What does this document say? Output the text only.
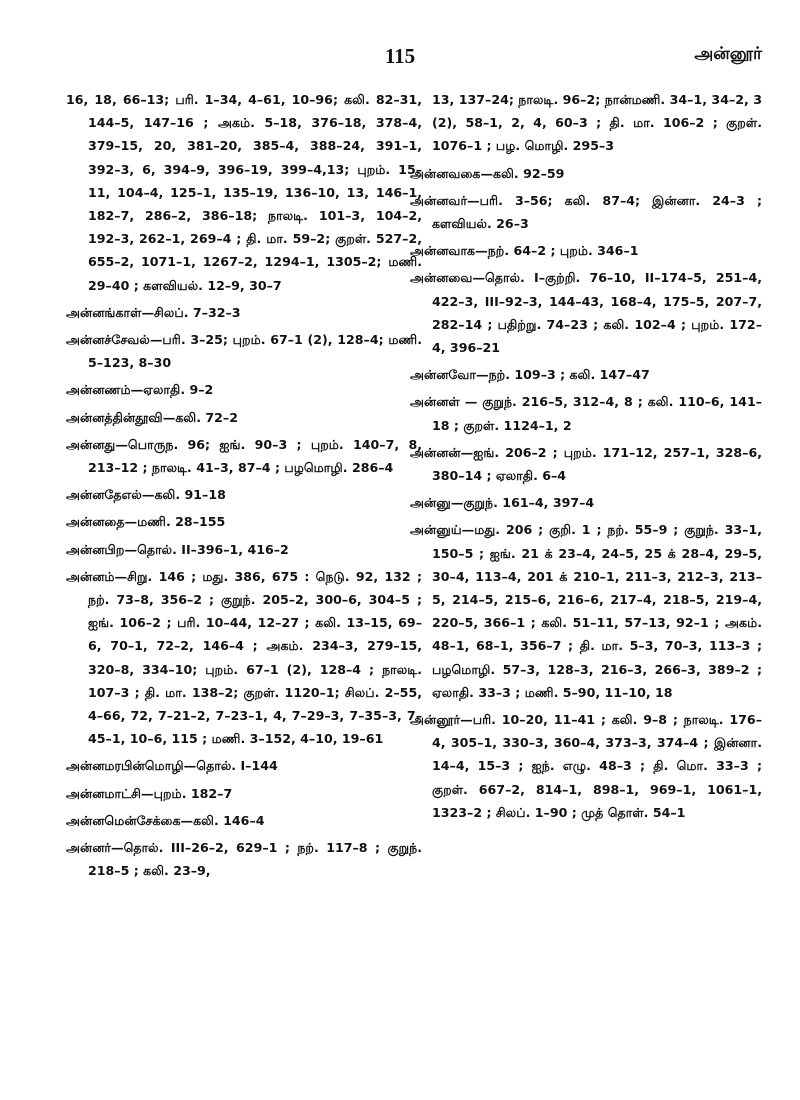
115	அன்னூர்

16, 18, 66–13; பரி. 1–34, 4–61, 10–96; கலி. 82–31, 144–5, 147–16 ; அகம். 5–18, 376–18, 378–4, 379–15, 20, 381–20, 385–4, 388–24, 391–1, 392–3, 6, 394–9, 396–19, 399–4,13; புறம். 15–11, 104–4, 125–1, 135–19, 136–10, 13, 146–1, 182–7, 286–2, 386–18; நாலடி. 101–3, 104–2, 192–3, 262–1, 269–4 ; தி. மா. 59–2; குறள். 527–2, 655–2, 1071–1, 1267–2, 1294–1, 1305–2; மணி. 29–40 ; களவியல். 12–9, 30–7

அன்னங்காள்—சிலப். 7–32–3

அன்னச்சேவல்—பரி. 3–25; புறம். 67–1 (2), 128–4; மணி. 5–123, 8–30

அன்னணம்—ஏலாதி. 9–2

அன்னத்தின்தூவி—கலி. 72–2

அன்னது—பொருந. 96; ஐங். 90–3 ; புறம். 140–7, 8, 213–12 ; நாலடி. 41–3, 87–4 ; பழமொழி. 286–4

அன்னதேஎல்—கலி. 91–18

அன்னதை—மணி. 28–155

அன்னபிற—தொல். II–396–1, 416–2

அன்னம்—சிறு. 146 ; மது. 386, 675 : நெடு. 92, 132 ; நற். 73–8, 356–2 ; குறுந். 205–2, 300–6, 304–5 ; ஐங். 106–2 ; பரி. 10–44, 12–27 ; கலி. 13–15, 69–6, 70–1, 72–2, 146–4 ; அகம். 234–3, 279–15, 320–8, 334–10; புறம். 67–1 (2), 128–4 ; நாலடி. 107–3 ; தி. மா. 138–2; குறள். 1120–1; சிலப். 2–55, 4–66, 72, 7–21–2, 7–23–1, 4, 7–29–3, 7–35–3, 7–45–1, 10–6, 115 ; மணி. 3–152, 4–10, 19–61

அன்னமரபின்மொழி—தொல். I–144

அன்னமாட்சி—புறம். 182–7

அன்னமென்சேக்கை—கலி. 146–4

அன்னர்—தொல். III–26–2, 629–1 ; நற். 117–8 ; குறுந். 218–5 ; கலி. 23–9,

13, 137–24; நாலடி. 96–2; நான்மணி. 34–1, 34–2, 3 (2), 58–1, 2, 4, 60–3 ; தி. மா. 106–2 ; குறள். 1076–1 ; பழ. மொழி. 295–3

அன்னவகை—கலி. 92–59

அன்னவர்—பரி. 3–56; கலி. 87–4; இன்னா. 24–3 ; களவியல். 26–3

அன்னவாக—நற். 64–2 ; புறம். 346–1

அன்னவை—தொல். I–குற்றி. 76–10, II–174–5, 251–4, 422–3, III–92–3, 144–43, 168–4, 175–5, 207–7, 282–14 ; பதிற்று. 74–23 ; கலி. 102–4 ; புறம். 172–4, 396–21

அன்னவோ—நற். 109–3 ; கலி. 147–47

அன்னள் — குறுந். 216–5, 312–4, 8 ; கலி. 110–6, 141–18 ; குறள். 1124–1, 2

அன்னன்—ஐங். 206–2 ; புறம். 171–12, 257–1, 328–6, 380–14 ; ஏலாதி. 6–4

அன்னு—குறுந். 161–4, 397–4

அன்னுய்—மது. 206 ; குறி. 1 ; நற். 55–9 ; குறுந். 33–1, 150–5 ; ஐங். 21 க் 23–4, 24–5, 25 க் 28–4, 29–5, 30–4, 113–4, 201 க் 210–1, 211–3, 212–3, 213–5, 214–5, 215–6, 216–6, 217–4, 218–5, 219–4, 220–5, 366–1 ; கலி. 51–11, 57–13, 92–1 ; அகம். 48–1, 68–1, 356–7 ; தி. மா. 5–3, 70–3, 113–3 ; பழமொழி. 57–3, 128–3, 216–3, 266–3, 389–2 ; ஏலாதி. 33–3 ; மணி. 5–90, 11–10, 18

அன்னூர்—பரி. 10–20, 11–41 ; கலி. 9–8 ; நாலடி. 176–4, 305–1, 330–3, 360–4, 373–3, 374–4 ; இன்னா. 14–4, 15–3 ; ஐந். எழு. 48–3 ; தி. மொ. 33–3 ; குறள். 667–2, 814–1, 898–1, 969–1, 1061–1, 1323–2 ; சிலப். 1–90 ; முத் தொள். 54–1
